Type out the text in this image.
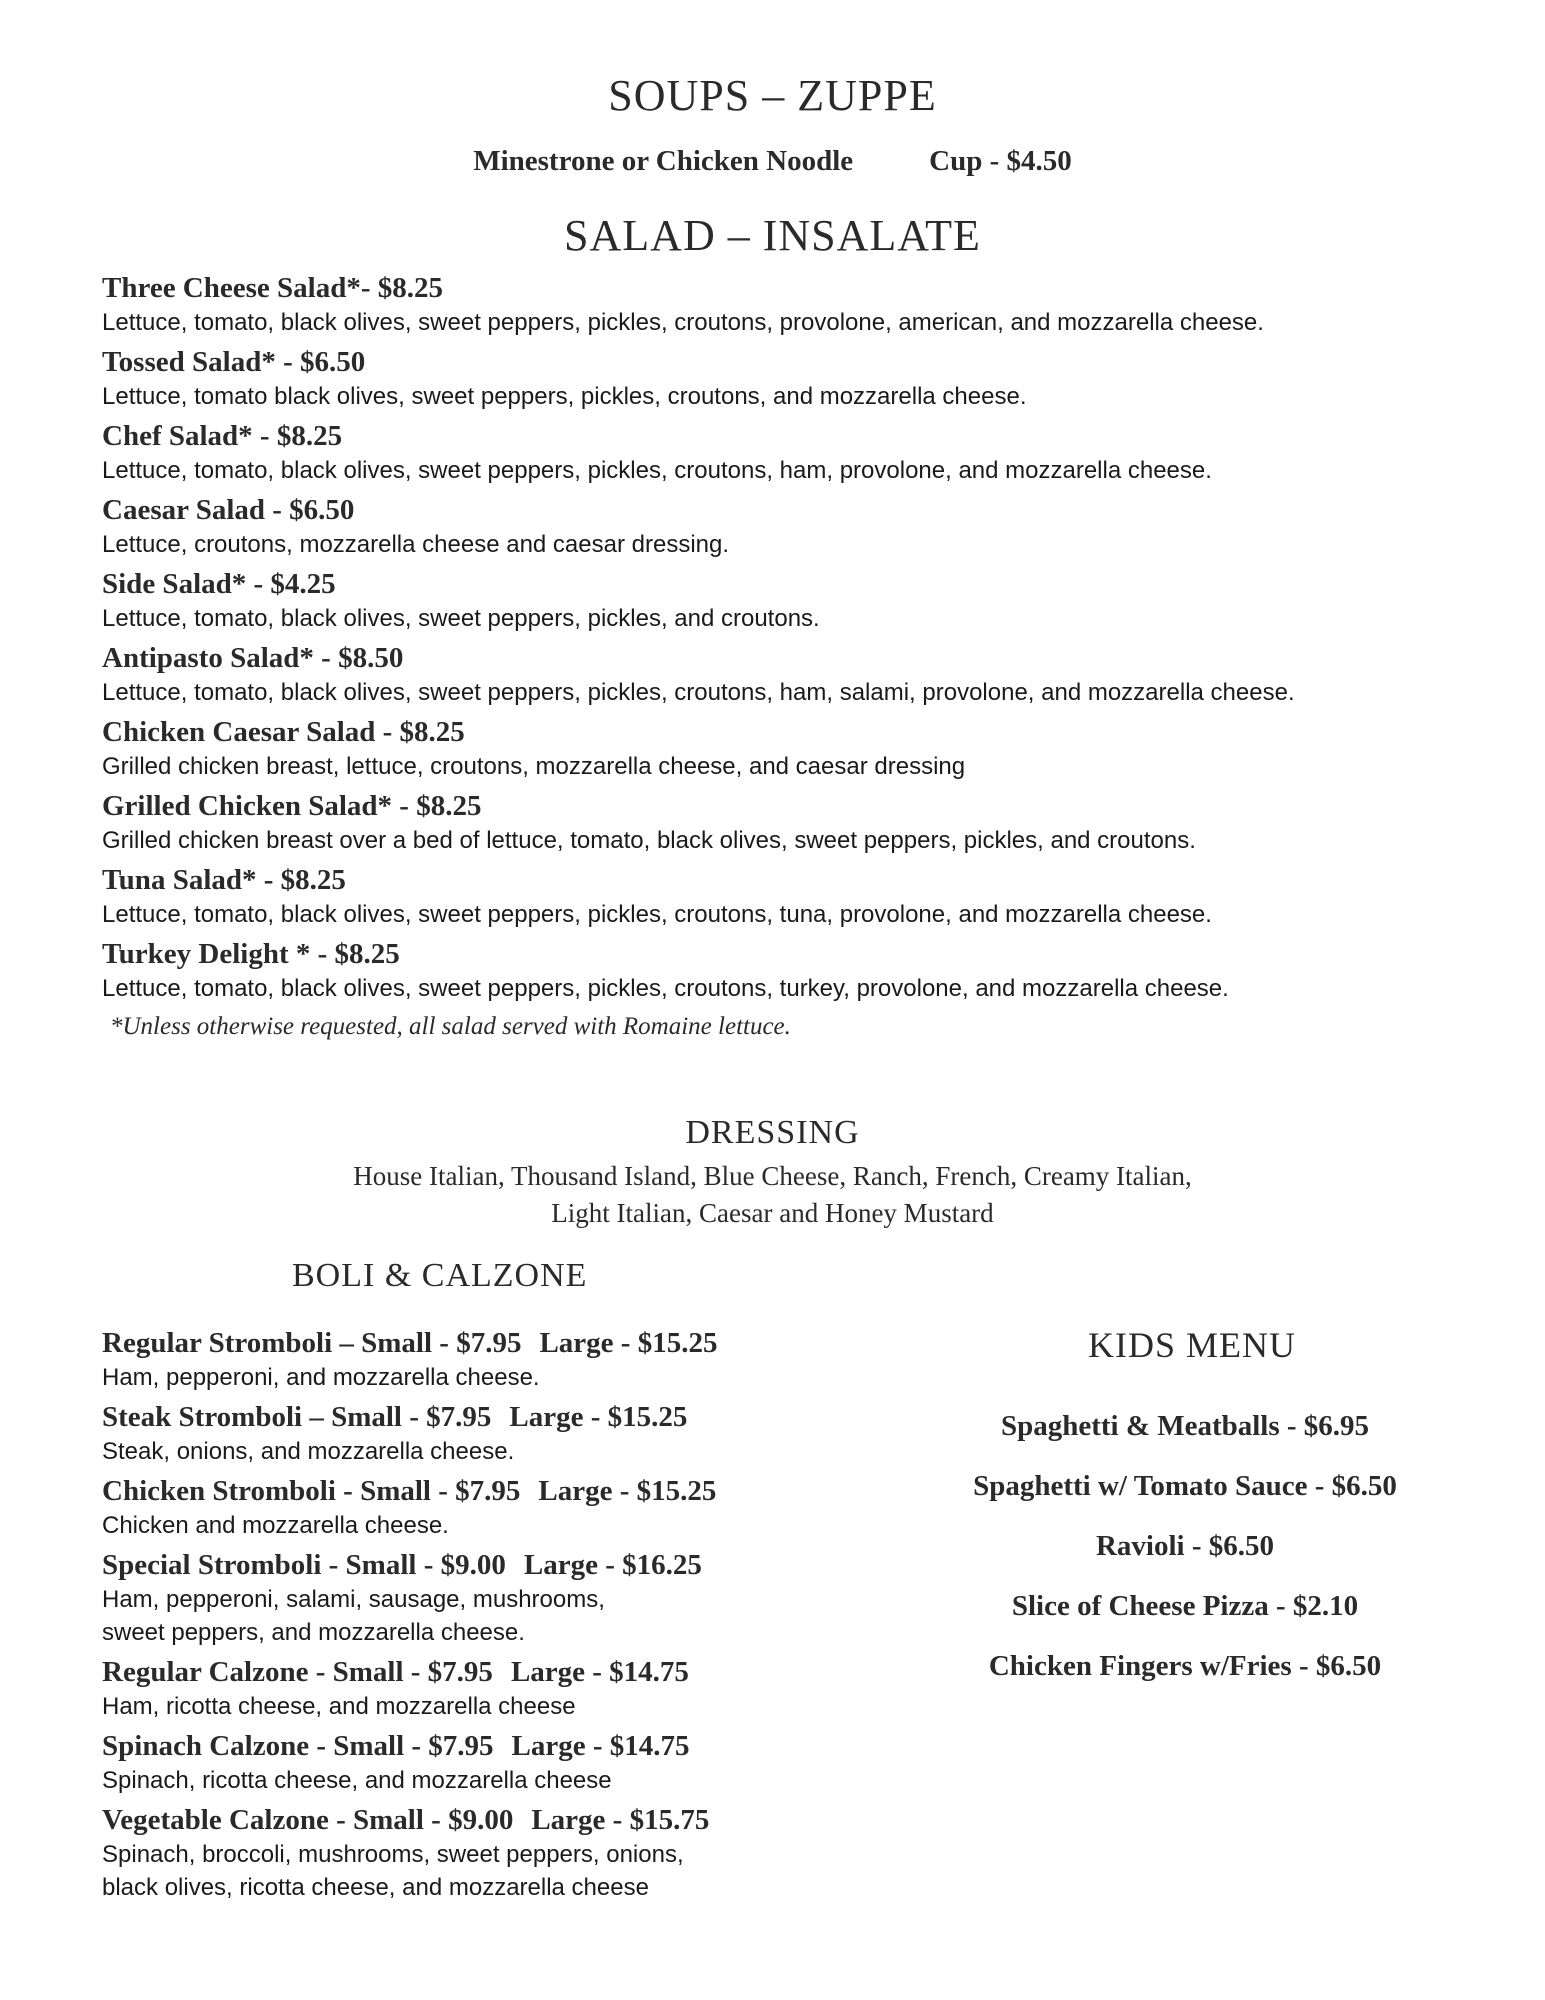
SOUPS – ZUPPE
Minestrone or Chicken Noodle	Cup - $4.50
SALAD – INSALATE
Three Cheese Salad*- $8.25
Lettuce, tomato, black olives, sweet peppers, pickles, croutons, provolone, american, and mozzarella cheese.
Tossed Salad* - $6.50
Lettuce, tomato black olives, sweet peppers, pickles, croutons, and mozzarella cheese.
Chef Salad* - $8.25
Lettuce, tomato, black olives, sweet peppers, pickles, croutons, ham, provolone, and mozzarella cheese.
Caesar Salad - $6.50
Lettuce, croutons, mozzarella cheese and caesar dressing.
Side Salad* - $4.25
Lettuce, tomato, black olives, sweet peppers, pickles, and croutons.
Antipasto Salad* - $8.50
Lettuce, tomato, black olives, sweet peppers, pickles, croutons, ham, salami, provolone, and mozzarella cheese.
Chicken Caesar Salad - $8.25
Grilled chicken breast, lettuce, croutons, mozzarella cheese, and caesar dressing
Grilled Chicken Salad* - $8.25
Grilled chicken breast over a bed of lettuce, tomato, black olives, sweet peppers, pickles, and croutons.
Tuna Salad* - $8.25
Lettuce, tomato, black olives, sweet peppers, pickles, croutons, tuna, provolone, and mozzarella cheese.
Turkey Delight * - $8.25
Lettuce, tomato, black olives, sweet peppers, pickles, croutons, turkey, provolone, and mozzarella cheese.
*Unless otherwise requested, all salad served with Romaine lettuce.
DRESSING
House Italian, Thousand Island, Blue Cheese, Ranch, French, Creamy Italian,
Light Italian, Caesar and Honey Mustard
BOLI & CALZONE
Regular Stromboli – Small - $7.95 Large - $15.25
Ham, pepperoni, and mozzarella cheese.
Steak Stromboli – Small - $7.95 Large - $15.25
Steak, onions, and mozzarella cheese.
Chicken Stromboli - Small - $7.95 Large - $15.25
Chicken and mozzarella cheese.
Special Stromboli - Small - $9.00 Large - $16.25
Ham, pepperoni, salami, sausage, mushrooms,
sweet peppers, and mozzarella cheese.
Regular Calzone - Small - $7.95 Large - $14.75
Ham, ricotta cheese, and mozzarella cheese
Spinach Calzone - Small - $7.95 Large - $14.75
Spinach, ricotta cheese, and mozzarella cheese
Vegetable Calzone - Small - $9.00 Large - $15.75
Spinach, broccoli, mushrooms, sweet peppers, onions,
black olives, ricotta cheese, and mozzarella cheese
KIDS MENU
Spaghetti & Meatballs - $6.95
Spaghetti w/ Tomato Sauce - $6.50
Ravioli - $6.50
Slice of Cheese Pizza - $2.10
Chicken Fingers w/Fries - $6.50
